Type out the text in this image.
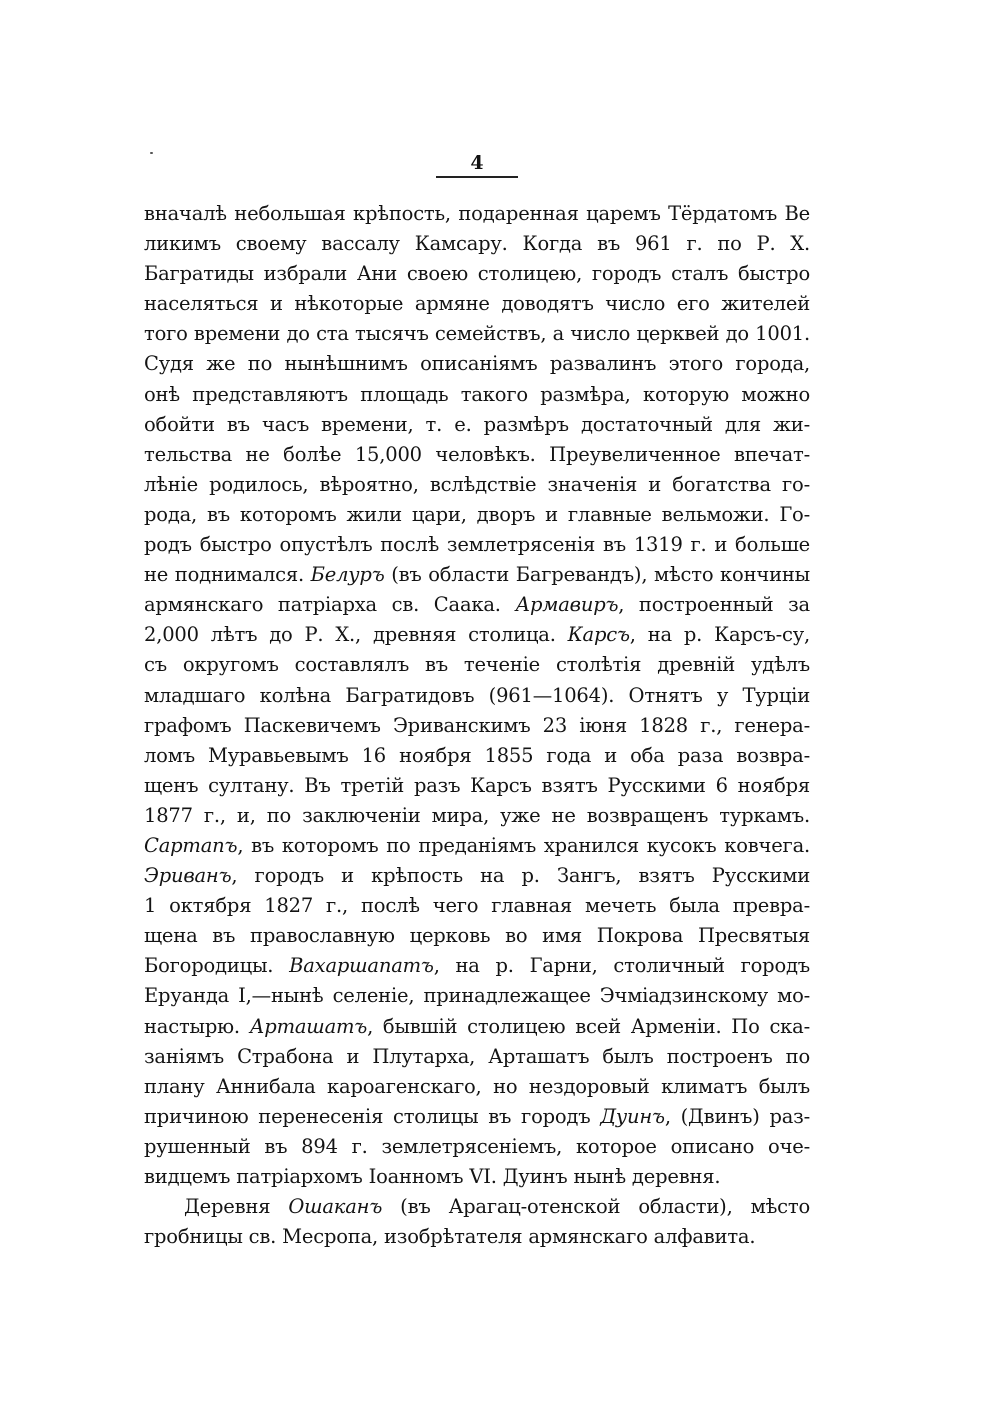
4
вначалѣ небольшая крѣпость, подаренная царемъ Тёрдатомъ Ве
ликимъ своему вассалу Камсару. Когда въ 961 г. по Р. Х.
Багратиды избрали Ани своею столицею, городъ сталъ быстро
населяться и нѣкоторые армяне доводятъ число его жителей
того времени до ста тысячъ семействъ, а число церквей до 1001.
Судя же по нынѣшнимъ описаніямъ развалинъ этого города,
онѣ представляютъ площадь такого размѣра, которую можно
обойти въ часъ времени, т. е. размѣръ достаточный для жи-
тельства не болѣе 15,000 человѣкъ. Преувеличенное впечат-
лѣніе родилось, вѣроятно, вслѣдствіе значенія и богатства го-
рода, въ которомъ жили цари, дворъ и главные вельможи. Го-
родъ быстро опустѣлъ послѣ землетрясенія въ 1319 г. и больше
не поднимался. Белуръ (въ области Багревандъ), мѣсто кончины
армянскаго патріарха св. Саака. Армавиръ, построенный за
2,000 лѣтъ до Р. Х., древняя столица. Карсъ, на р. Карсъ-су,
съ округомъ составлялъ въ теченіе столѣтія древній удѣлъ
младшаго колѣна Багратидовъ (961—1064). Отнятъ у Турціи
графомъ Паскевичемъ Эриванскимъ 23 іюня 1828 г., генера-
ломъ Муравьевымъ 16 ноября 1855 года и оба раза возвра-
щенъ султану. Въ третій разъ Карсъ взятъ Русскими 6 ноября
1877 г., и, по заключеніи мира, уже не возвращенъ туркамъ.
Сартапъ, въ которомъ по преданіямъ хранился кусокъ ковчега.
Эриванъ, городъ и крѣпость на р. Зангъ, взятъ Русскими
1 октября 1827 г., послѣ чего главная мечеть была превра-
щена въ православную церковь во имя Покрова Пресвятыя
Богородицы. Вахаршапатъ, на р. Гарни, столичный городъ
Еруанда I,—нынѣ селеніе, принадлежащее Эчміадзинскому мо-
настырю. Арташатъ, бывшій столицею всей Арменіи. По ска-
заніямъ Страбона и Плутарха, Арташатъ былъ построенъ по
плану Аннибала кароагенскаго, но нездоровый климатъ былъ
причиною перенесенія столицы въ городъ Дуинъ, (Двинъ) раз-
рушенный въ 894 г. землетрясеніемъ, которое описано оче-
видцемъ патріархомъ Іоанномъ VI. Дуинъ нынѣ деревня.
Деревня Ошаканъ (въ Арагац-отенской области), мѣсто
гробницы св. Месропа, изобрѣтателя армянскаго алфавита.
